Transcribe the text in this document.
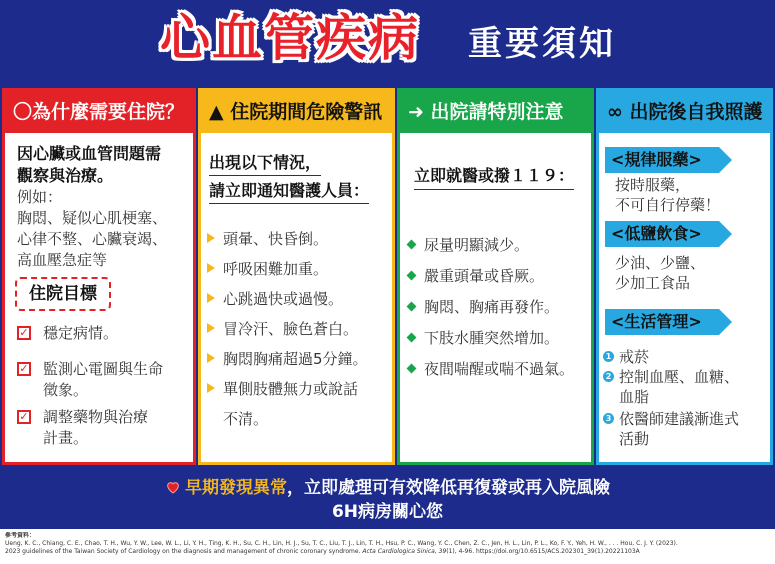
心血管疾病 重要須知
〇為什麼需要住院？
因心臟或血管問題需
觀察與治療。
例如：
胸悶、疑似心肌梗塞、
心律不整、心臟衰竭、
高血壓急症等
住院目標
✓ 穩定病情。
✓ 監測心電圖與生命
徵象。
✓ 調整藥物與治療
計畫。
▲ 住院期間危險警訊
出現以下情況，
請立即通知醫護人員：
頭暈、快昏倒。
呼吸困難加重。
心跳過快或過慢。
冒冷汗、臉色蒼白。
胸悶胸痛超過5分鐘。
單側肢體無力或說話
不清。
➜ 出院請特別注意
立即就醫或撥１１９：
尿量明顯減少。
嚴重頭暈或昏厥。
胸悶、胸痛再發作。
下肢水腫突然增加。
夜間喘醒或喘不過氣。
∞ 出院後自我照護
<規律服藥>
按時服藥，
不可自行停藥！
<低鹽飲食>
少油、少鹽、
少加工食品
<生活管理>
1 戒菸
2 控制血壓、血糖、
血脂
3 依醫師建議漸進式
活動
早期發現異常，立即處理可有效降低再復發或再入院風險
6H病房關心您
參考資料：
Ueng, K. C., Chiang, C. E., Chao, T. H., Wu, Y. W., Lee, W. L., Li, Y. H., Ting, K. H., Su, C. H., Lin, H. J., Su, T. C., Liu, T. J., Lin, T. H., Hsu, P. C., Wang, Y. C., Chen, Z. C., Jen, H. L., Lin, P. L., Ko, F. Y., Yeh, H. W., . . . Hou, C. J. Y. (2023).
2023 guidelines of the Taiwan Society of Cardiology on the diagnosis and management of chronic coronary syndrome. Acta Cardiologica Sinica, 39(1), 4-96. https://doi.org/10.6515/ACS.202301_39(1).20221103A
